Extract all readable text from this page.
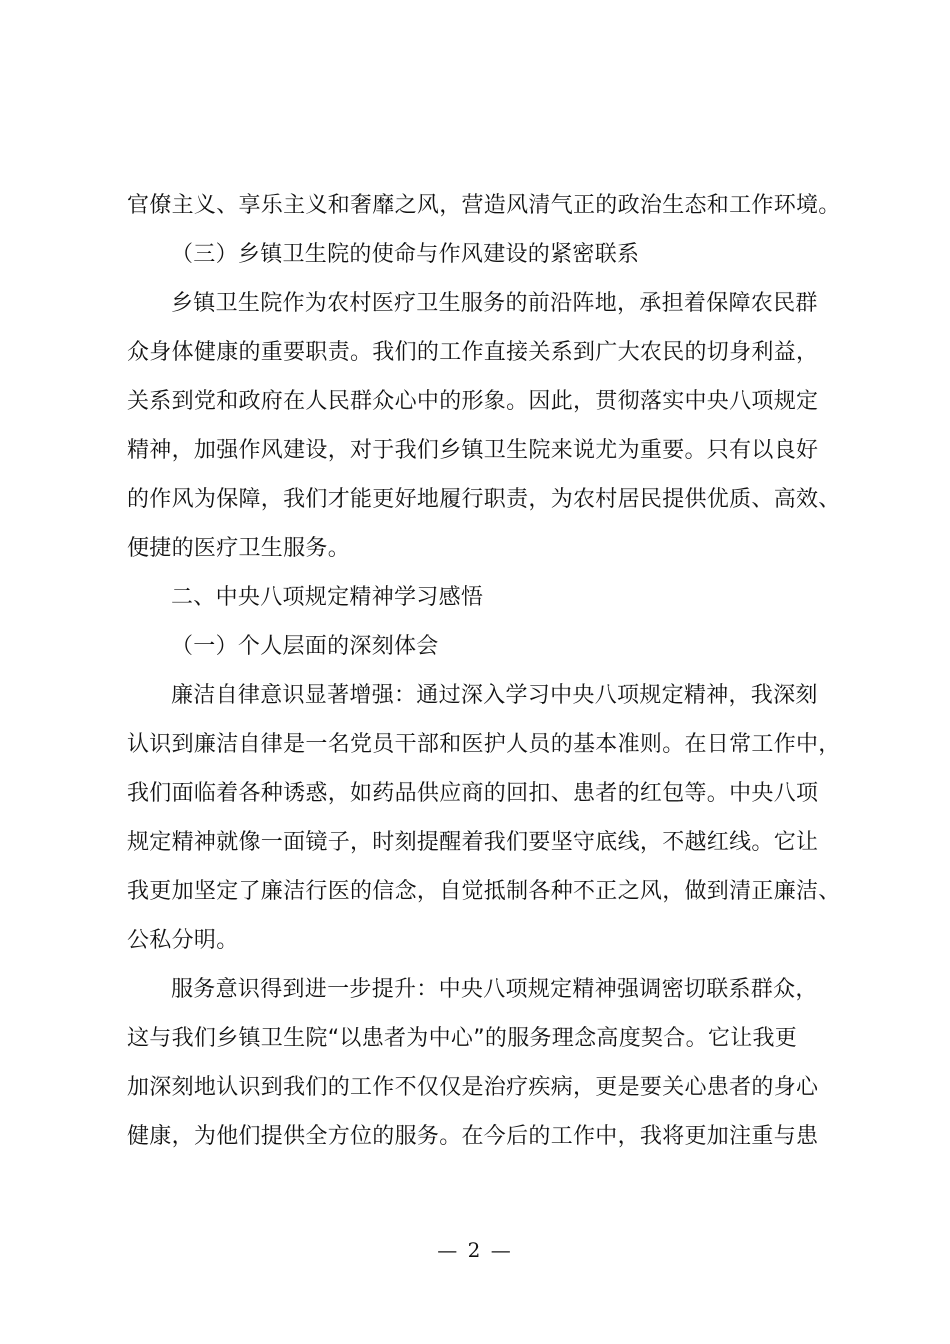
官僚主义、享乐主义和奢靡之风，营造风清气正的政治生态和工作环境。
（三）乡镇卫生院的使命与作风建设的紧密联系
乡镇卫生院作为农村医疗卫生服务的前沿阵地，承担着保障农民群
众身体健康的重要职责。我们的工作直接关系到广大农民的切身利益，
关系到党和政府在人民群众心中的形象。因此，贯彻落实中央八项规定
精神，加强作风建设，对于我们乡镇卫生院来说尤为重要。只有以良好
的作风为保障，我们才能更好地履行职责，为农村居民提供优质、高效、
便捷的医疗卫生服务。
二、中央八项规定精神学习感悟
（一）个人层面的深刻体会
廉洁自律意识显著增强：通过深入学习中央八项规定精神，我深刻
认识到廉洁自律是一名党员干部和医护人员的基本准则。在日常工作中，
我们面临着各种诱惑，如药品供应商的回扣、患者的红包等。中央八项
规定精神就像一面镜子，时刻提醒着我们要坚守底线，不越红线。它让
我更加坚定了廉洁行医的信念，自觉抵制各种不正之风，做到清正廉洁、
公私分明。
服务意识得到进一步提升：中央八项规定精神强调密切联系群众，
这与我们乡镇卫生院“以患者为中心”的服务理念高度契合。它让我更
加深刻地认识到我们的工作不仅仅是治疗疾病，更是要关心患者的身心
健康，为他们提供全方位的服务。在今后的工作中，我将更加注重与患
— 2 —
